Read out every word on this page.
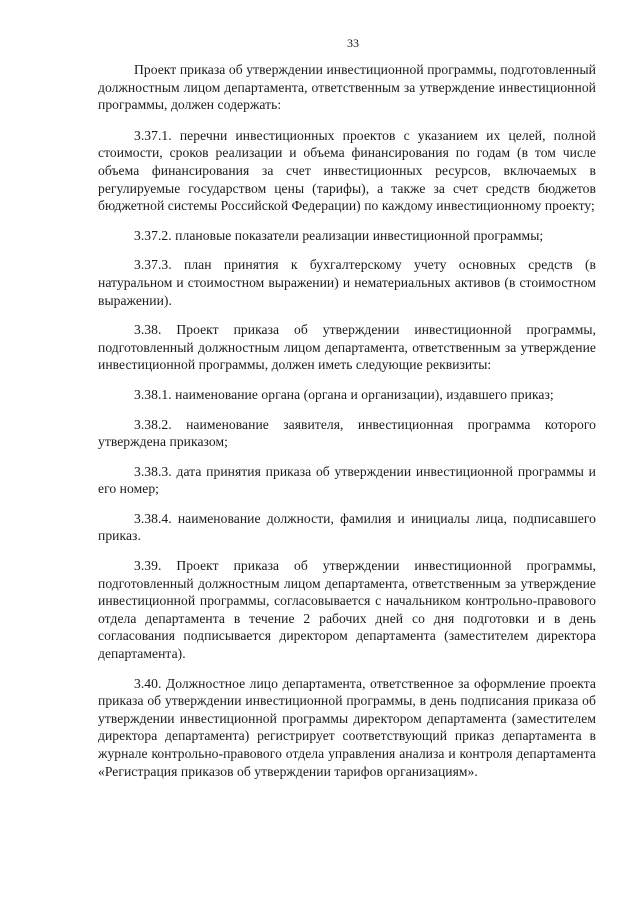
33

Проект приказа об утверждении инвестиционной программы, подготовленный должностным лицом департамента, ответственным за утверждение инвестиционной программы, должен содержать:

3.37.1. перечни инвестиционных проектов с указанием их целей, полной стоимости, сроков реализации и объема финансирования по годам (в том числе объема финансирования за счет инвестиционных ресурсов, включаемых в регулируемые государством цены (тарифы), а также за счет средств бюджетов бюджетной системы Российской Федерации) по каждому инвестиционному проекту;

3.37.2. плановые показатели реализации инвестиционной программы;

3.37.3. план принятия к бухгалтерскому учету основных средств (в натуральном и стоимостном выражении) и нематериальных активов (в стоимостном выражении).

3.38. Проект приказа об утверждении инвестиционной программы, подготовленный должностным лицом департамента, ответственным за утверждение инвестиционной программы, должен иметь следующие реквизиты:

3.38.1. наименование органа (органа и организации), издавшего приказ;

3.38.2. наименование заявителя, инвестиционная программа которого утверждена приказом;

3.38.3. дата принятия приказа об утверждении инвестиционной программы и его номер;

3.38.4. наименование должности, фамилия и инициалы лица, подписавшего приказ.

3.39. Проект приказа об утверждении инвестиционной программы, подготовленный должностным лицом департамента, ответственным за утверждение инвестиционной программы, согласовывается с начальником контрольно-правового отдела департамента в течение 2 рабочих дней со дня подготовки и в день согласования подписывается директором департамента (заместителем директора департамента).

3.40. Должностное лицо департамента, ответственное за оформление проекта приказа об утверждении инвестиционной программы, в день подписания приказа об утверждении инвестиционной программы директором департамента (заместителем директора департамента) регистрирует соответствующий приказ департамента в журнале контрольно-правового отдела управления анализа и контроля департамента «Регистрация приказов об утверждении тарифов организациям».
